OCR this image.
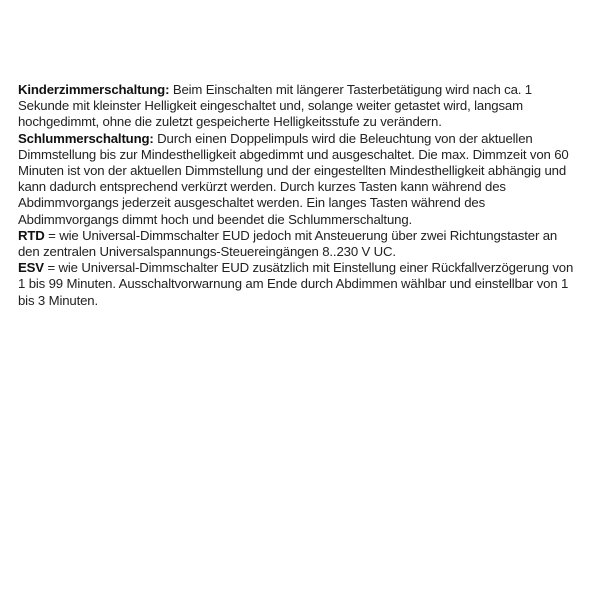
Kinderzimmerschaltung: Beim Einschalten mit längerer Tasterbetätigung wird nach ca. 1 Sekunde mit kleinster Helligkeit eingeschaltet und, solange weiter getastet wird, langsam hochgedimmt, ohne die zuletzt gespeicherte Helligkeitsstufe zu verändern.

Schlummerschaltung: Durch einen Doppelimpuls wird die Beleuchtung von der aktuellen Dimmstellung bis zur Mindesthelligkeit abgedimmt und ausgeschaltet. Die max. Dimmzeit von 60 Minuten ist von der aktuellen Dimmstellung und der eingestellten Mindesthelligkeit abhängig und kann dadurch entsprechend verkürzt werden. Durch kurzes Tasten kann während des Abdimmvorgangs jederzeit ausgeschaltet werden. Ein langes Tasten während des Abdimmvorgangs dimmt hoch und beendet die Schlummerschaltung.

RTD = wie Universal-Dimmschalter EUD jedoch mit Ansteuerung über zwei Richtungstaster an den zentralen Universalspannungs-Steuereingängen 8..230 V UC.

ESV = wie Universal-Dimmschalter EUD zusätzlich mit Einstellung einer Rückfallverzögerung von 1 bis 99 Minuten. Ausschaltvorwarnung am Ende durch Abdimmen wählbar und einstellbar von 1 bis 3 Minuten.
